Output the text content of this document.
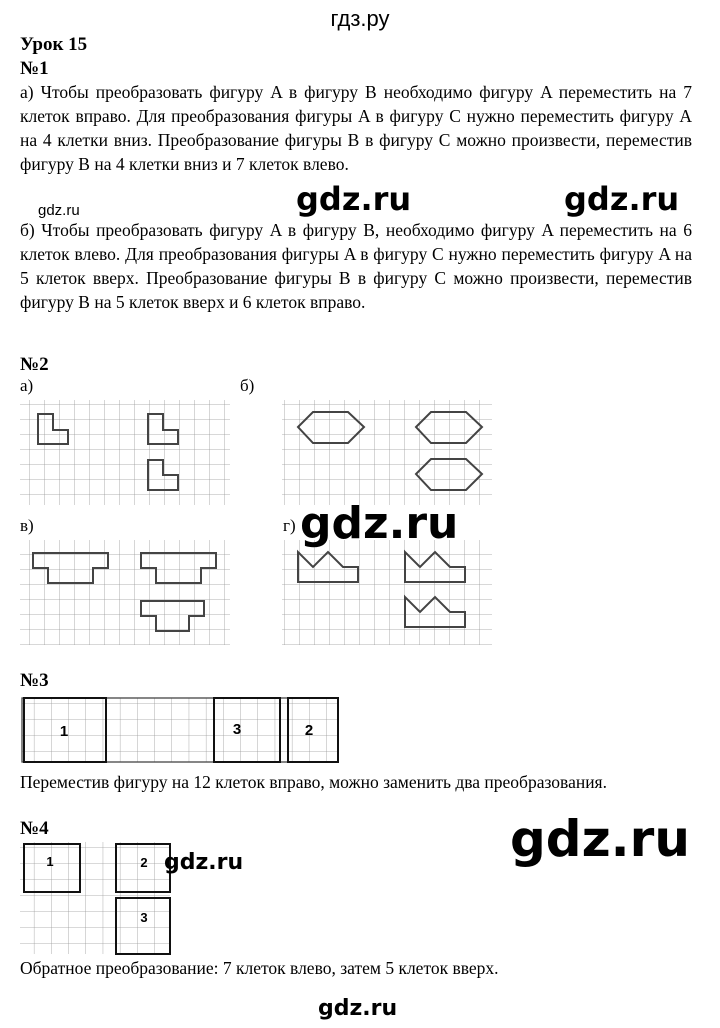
гдз.ру
Урок 15
№1
а) Чтобы преобразовать фигуру A в фигуру B необходимо фигуру A переместить на 7 клеток вправо. Для преобразования фигуры A в фигуру C нужно переместить фигуру A на 4 клетки вниз. Преобразование фигуры B в фигуру C можно произвести, переместив фигуру B на 4 клетки вниз и 7 клеток влево.
б) Чтобы преобразовать фигуру A в фигуру B, необходимо фигуру A переместить на 6 клеток влево. Для преобразования фигуры A в фигуру C нужно переместить фигуру A на 5 клеток вверх. Преобразование фигуры B в фигуру C можно произвести, переместив фигуру B на 5 клеток вверх и 6 клеток вправо.
gdz.ru	gdz.ru
gdz.ru
№2
а)	б)
в)	г)
1	3	2
1	2
3
gdz.ru
№3
Переместив фигуру на 12 клеток вправо, можно заменить два преобразования.
№4	gdz.ru
gdz.ru
Обратное преобразование: 7 клеток влево, затем 5 клеток вверх.
gdz.ru
